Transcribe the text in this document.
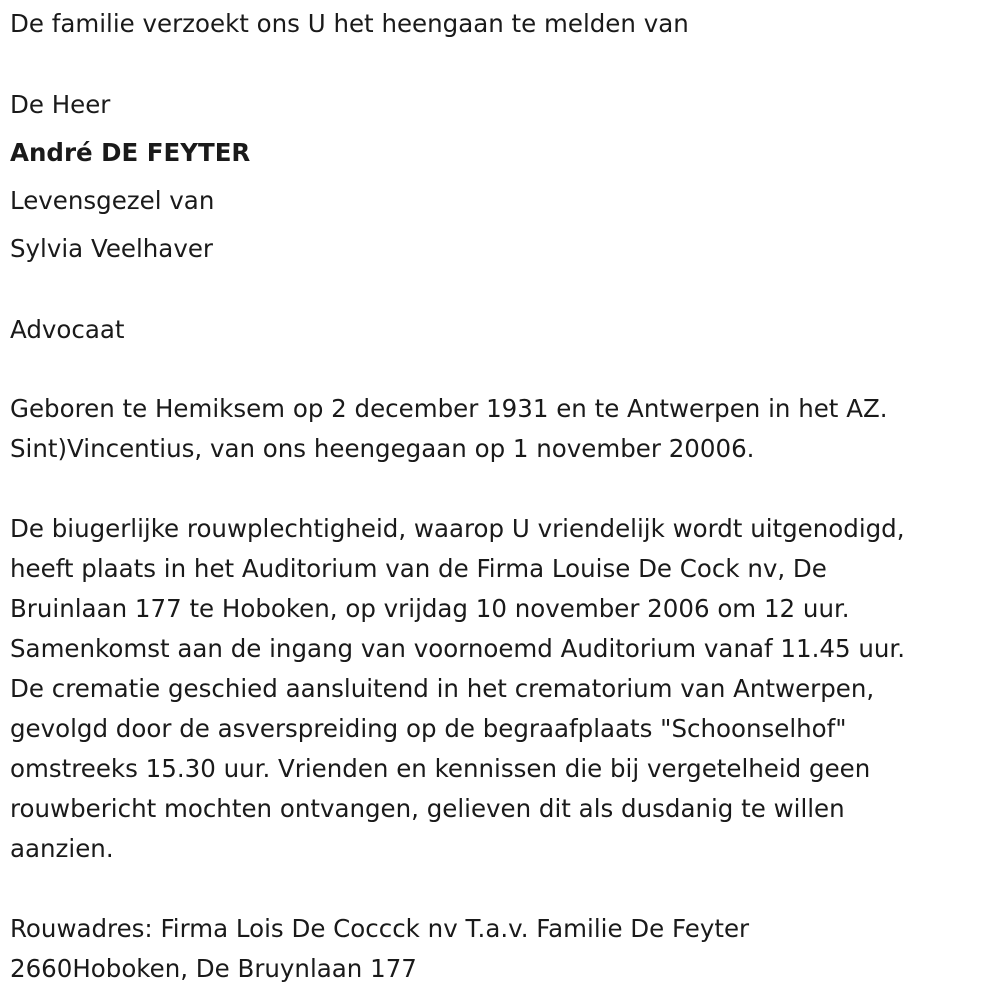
De familie verzoekt ons U het heengaan te melden van
De Heer
André DE FEYTER
Levensgezel van
Sylvia Veelhaver
Advocaat
Geboren te Hemiksem op 2 december 1931 en te Antwerpen in het AZ.
Sint)Vincentius, van ons heengegaan op 1 november 20006.
De biugerlijke rouwplechtigheid, waarop U vriendelijk wordt uitgenodigd,
heeft plaats in het Auditorium van de Firma Louise De Cock nv, De
Bruinlaan 177 te Hoboken, op vrijdag 10 november 2006 om 12 uur.
Samenkomst aan de ingang van voornoemd Auditorium vanaf 11.45 uur.
De crematie geschied aansluitend in het crematorium van Antwerpen,
gevolgd door de asverspreiding op de begraafplaats "Schoonselhof"
omstreeks 15.30 uur. Vrienden en kennissen die bij vergetelheid geen
rouwbericht mochten ontvangen, gelieven dit als dusdanig te willen
aanzien.
Rouwadres: Firma Lois De Coccck nv T.a.v. Familie De Feyter
2660Hoboken, De Bruynlaan 177
